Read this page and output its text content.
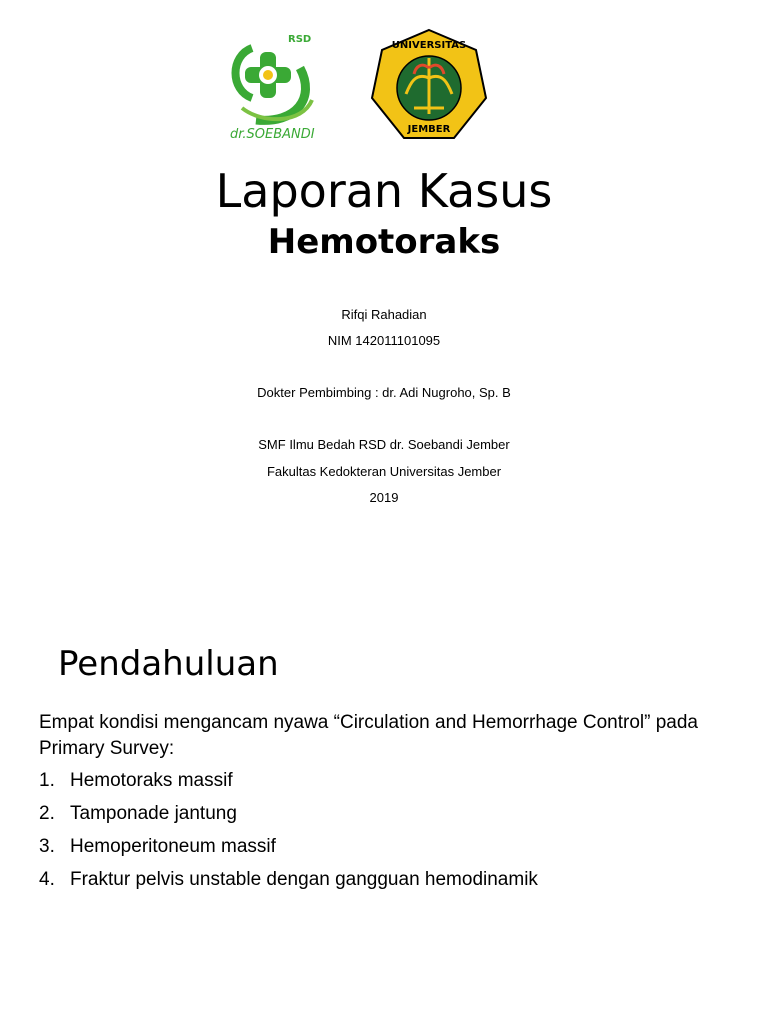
RSD
dr.SOEBANDI
UNIVERSITAS
JEMBER
Laporan Kasus
Hemotoraks
Rifqi Rahadian
NIM 142011101095
Dokter Pembimbing : dr. Adi Nugroho, Sp. B
SMF Ilmu Bedah RSD dr. Soebandi Jember
Fakultas Kedokteran Universitas Jember
2019
Pendahuluan
Empat kondisi mengancam nyawa “Circulation and Hemorrhage Control” pada Primary Survey:
1. Hemotoraks massif
2. Tamponade jantung
3. Hemoperitoneum massif
4. Fraktur pelvis unstable dengan gangguan hemodinamik
